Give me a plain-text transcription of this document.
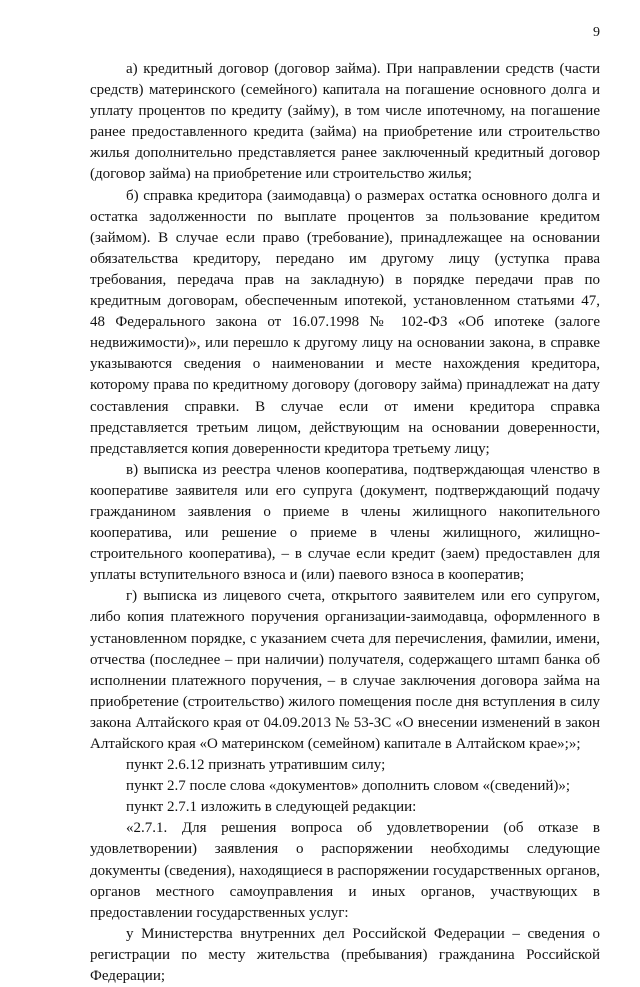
9

а) кредитный договор (договор займа). При направлении средств (части средств) материнского (семейного) капитала на погашение основного долга и уплату процентов по кредиту (займу), в том числе ипотечному, на погашение ранее предоставленного кредита (займа) на приобретение или строительство жилья дополнительно представляется ранее заключенный кредитный договор (договор займа) на приобретение или строительство жилья;

б) справка кредитора (заимодавца) о размерах остатка основного долга и остатка задолженности по выплате процентов за пользование кредитом (займом). В случае если право (требование), принадлежащее на основании обязательства кредитору, передано им другому лицу (уступка права требования, передача прав на закладную) в порядке передачи прав по кредитным договорам, обеспеченным ипотекой, установленном статьями 47, 48 Федерального закона от 16.07.1998 № 102-ФЗ «Об ипотеке (залоге недвижимости)», или перешло к другому лицу на основании закона, в справке указываются сведения о наименовании и месте нахождения кредитора, которому права по кредитному договору (договору займа) принадлежат на дату составления справки. В случае если от имени кредитора справка представляется третьим лицом, действующим на основании доверенности, представляется копия доверенности кредитора третьему лицу;

в) выписка из реестра членов кооператива, подтверждающая членство в кооперативе заявителя или его супруга (документ, подтверждающий подачу гражданином заявления о приеме в члены жилищного накопительного кооператива, или решение о приеме в члены жилищного, жилищно-строительного кооператива), – в случае если кредит (заем) предоставлен для уплаты вступительного взноса и (или) паевого взноса в кооператив;

г) выписка из лицевого счета, открытого заявителем или его супругом, либо копия платежного поручения организации-заимодавца, оформленного в установленном порядке, с указанием счета для перечисления, фамилии, имени, отчества (последнее – при наличии) получателя, содержащего штамп банка об исполнении платежного поручения, – в случае заключения договора займа на приобретение (строительство) жилого помещения после дня вступления в силу закона Алтайского края от 04.09.2013 № 53-ЗС «О внесении изменений в закон Алтайского края «О материнском (семейном) капитале в Алтайском крае»;»;

пункт 2.6.12 признать утратившим силу;

пункт 2.7 после слова «документов» дополнить словом «(сведений)»;

пункт 2.7.1 изложить в следующей редакции:

«2.7.1. Для решения вопроса об удовлетворении (об отказе в удовлетворении) заявления о распоряжении необходимы следующие документы (сведения), находящиеся в распоряжении государственных органов, органов местного самоуправления и иных органов, участвующих в предоставлении государственных услуг:

у Министерства внутренних дел Российской Федерации – сведения о регистрации по месту жительства (пребывания) гражданина Российской Федерации;
